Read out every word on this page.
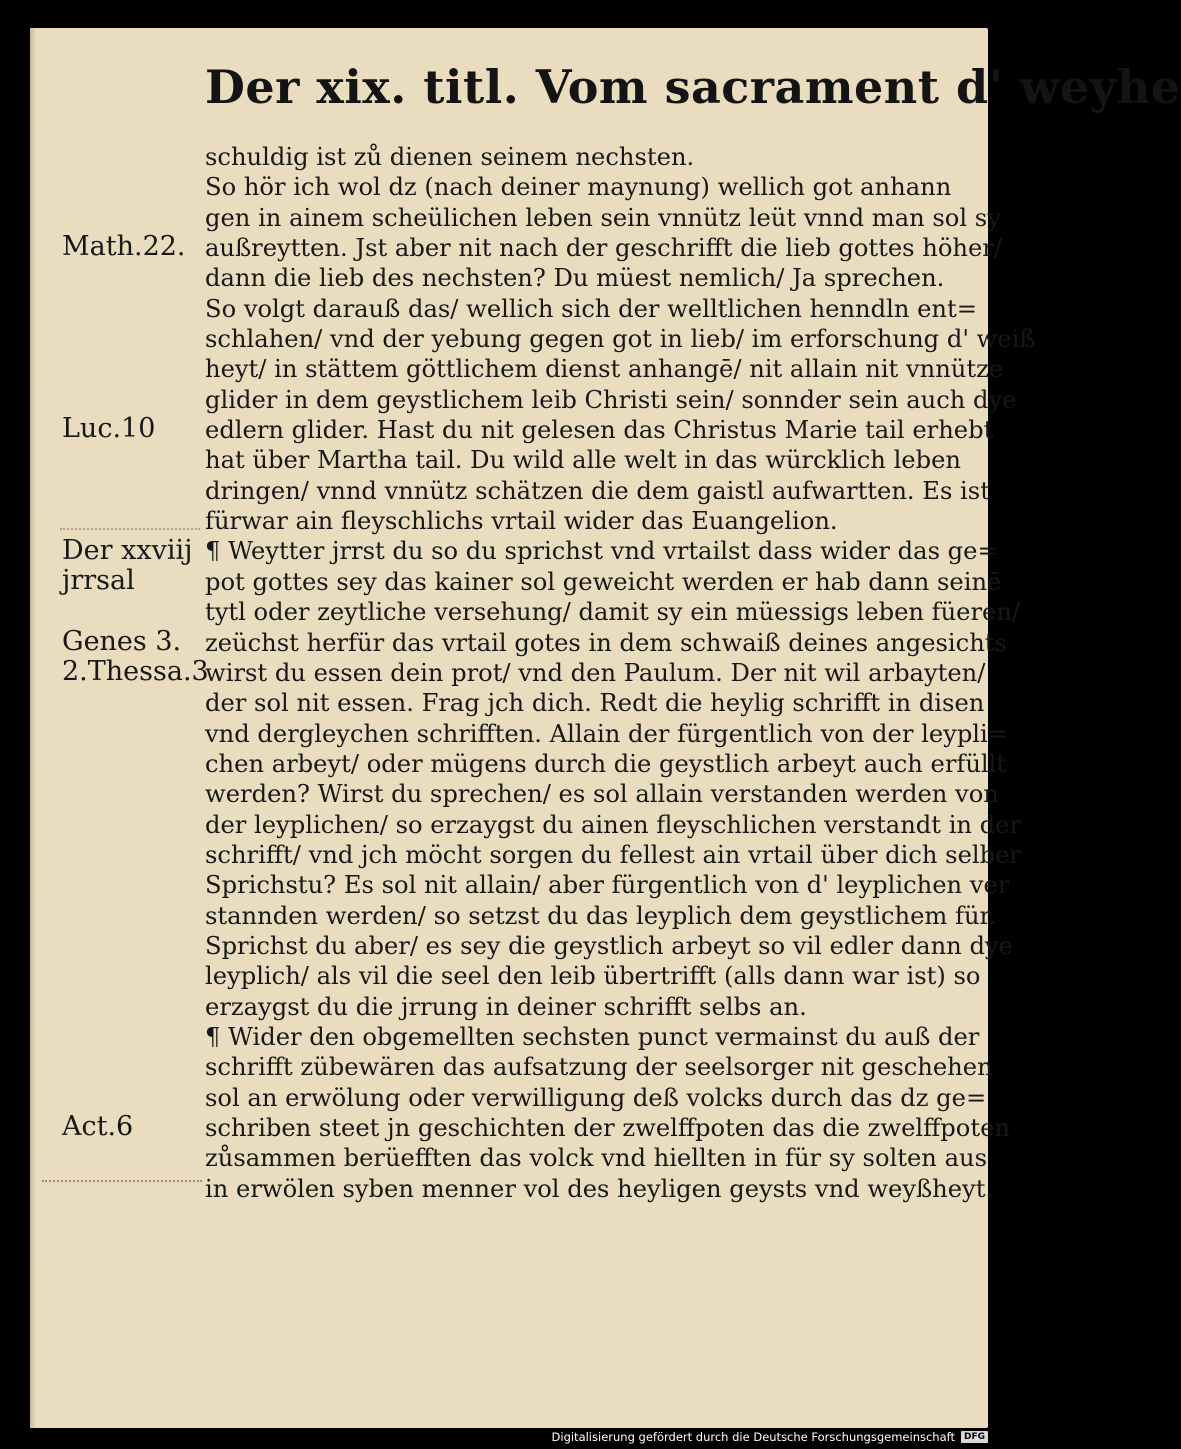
Der xix. titl. Vom sacrament d' weyhe
schuldig ist zů dienen seinem nechsten.
So hör ich wol dz (nach deiner maynung) wellich got anhann
gen in ainem scheülichen leben sein vnnütz leüt vnnd man sol sy
außreytten. Jst aber nit nach der geschrifft die lieb gottes höher/
dann die lieb des nechsten? Du müest nemlich/ Ja sprechen.
So volgt darauß das/ wellich sich der welltlichen henndln ent=
schlahen/ vnd der yebung gegen got in lieb/ im erforschung d' weiß
heyt/ in stättem göttlichem dienst anhangē/ nit allain nit vnnütze
glider in dem geystlichem leib Christi sein/ sonnder sein auch dye
edlern glider. Hast du nit gelesen das Christus Marie tail erhebt
hat über Martha tail. Du wild alle welt in das würcklich leben
dringen/ vnnd vnnütz schätzen die dem gaistl aufwartten. Es ist
fürwar ain fleyschlichs vrtail wider das Euangelion.
¶ Weytter jrrst du so du sprichst vnd vrtailst dass wider das ge=
pot gottes sey das kainer sol geweicht werden er hab dann seinē
tytl oder zeytliche versehung/ damit sy ein müessigs leben füeren/
zeüchst herfür das vrtail gotes in dem schwaiß deines angesichts
wirst du essen dein prot/ vnd den Paulum. Der nit wil arbayten/
der sol nit essen. Frag jch dich. Redt die heylig schrifft in disen
vnd dergleychen schrifften. Allain der fürgentlich von der leypli=
chen arbeyt/ oder mügens durch die geystlich arbeyt auch erfüllt
werden? Wirst du sprechen/ es sol allain verstanden werden von
der leyplichen/ so erzaygst du ainen fleyschlichen verstandt in der
schrifft/ vnd jch möcht sorgen du fellest ain vrtail über dich selber
Sprichstu? Es sol nit allain/ aber fürgentlich von d' leyplichen ver
stannden werden/ so setzst du das leyplich dem geystlichem für.
Sprichst du aber/ es sey die geystlich arbeyt so vil edler dann dye
leyplich/ als vil die seel den leib übertrifft (alls dann war ist) so
erzaygst du die jrrung in deiner schrifft selbs an.
¶ Wider den obgemellten sechsten punct vermainst du auß der
schrifft zübewären das aufsatzung der seelsorger nit geschehen
sol an erwölung oder verwilligung deß volcks durch das dz ge=
schriben steet jn geschichten der zwelffpoten das die zwelffpoten
zůsammen berüefften das volck vnd hiellten in für sy solten aus
in erwölen syben menner vol des heyligen geysts vnd weyßheyt.
Math.22.
Luc.10
Der xxviij
jrrsal
Genes 3.
2.Thessa.3
Act.6
Digitalisierung gefördert durch die Deutsche Forschungsgemeinschaft	DFG
